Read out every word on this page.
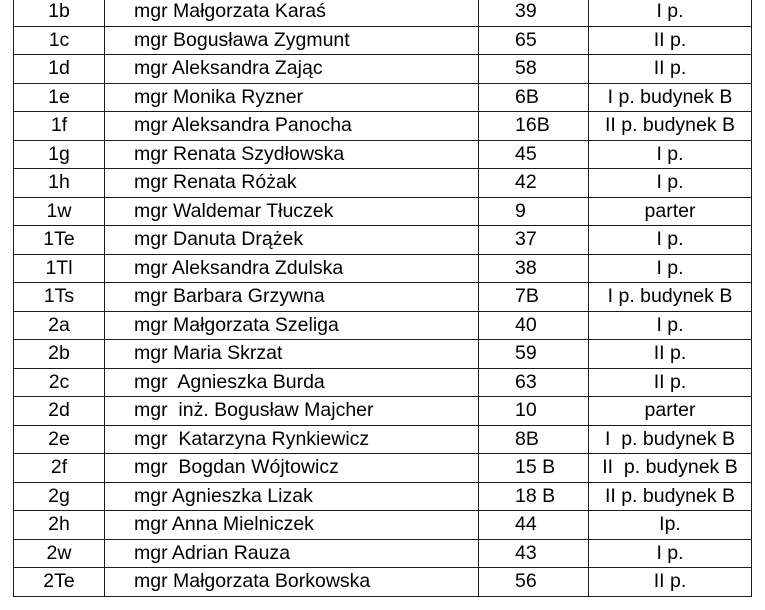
1b	mgr Małgorzata Karaś	39	I p.
1c	mgr Bogusława Zygmunt	65	II p.
1d	mgr Aleksandra Zając	58	II p.
1e	mgr Monika Ryzner	6B	I p. budynek B
1f	mgr Aleksandra Panocha	16B	II p. budynek B
1g	mgr Renata Szydłowska	45	I p.
1h	mgr Renata Różak	42	I p.
1w	mgr Waldemar Tłuczek	9	parter
1Te	mgr Danuta Drążek	37	I p.
1Tl	mgr Aleksandra Zdulska	38	I p.
1Ts	mgr Barbara Grzywna	7B	I p. budynek B
2a	mgr Małgorzata Szeliga	40	I p.
2b	mgr Maria Skrzat	59	II p.
2c	mgr  Agnieszka Burda	63	II p.
2d	mgr  inż. Bogusław Majcher	10	parter
2e	mgr  Katarzyna Rynkiewicz	8B	I  p. budynek B
2f	mgr  Bogdan Wójtowicz	15 B	II  p. budynek B
2g	mgr Agnieszka Lizak	18 B	II p. budynek B
2h	mgr Anna Mielniczek	44	Ip.
2w	mgr Adrian Rauza	43	I p.
2Te	mgr Małgorzata Borkowska	56	II p.
